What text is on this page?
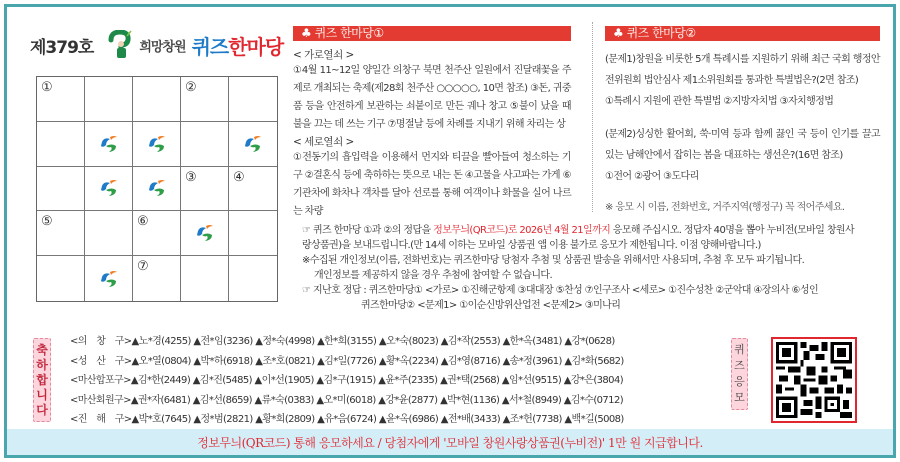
제379호	희망창원 퀴즈 한마당
①	②
③	④
⑤	⑥
⑦
♣ 퀴즈 한마당①
< 가로열쇠 >
①4월 11~12일 양일간 의창구 북면 천주산 일원에서 진달래꽃을 주제로 개최되는 축제(제28회 천주산 ○○○○○, 10면 참조) ③돈, 귀중품 등을 안전하게 보관하는 쇠붙이로 만든 궤나 창고 ⑤불이 났을 때 불을 끄는 데 쓰는 기구 ⑦명절날 등에 차례를 지내기 위해 차리는 상
< 세로열쇠 >
①전동기의 흡입력을 이용해서 먼지와 티끌을 빨아들여 청소하는 기구 ②결혼식 등에 축하하는 뜻으로 내는 돈 ④고물을 사고파는 가게 ⑥기관차에 화차나 객차를 달아 선로를 통해 여객이나 화물을 실어 나르는 차량
♣ 퀴즈 한마당②
(문제1)창원을 비롯한 5개 특례시를 지원하기 위해 최근 국회 행정안전위원회 법안심사 제1소위원회를 통과한 특별법은?(2면 참조)
①특례시 지원에 관한 특별법 ②지방자치법 ③자치행정법
(문제2)싱싱한 활어회, 쑥·미역 등과 함께 끓인 국 등이 인기를 끌고 있는 남해안에서 잡히는 봄을 대표하는 생선은?(16면 참조)
①전어 ②광어 ③도다리
※ 응모 시 이름, 전화번호, 거주지역(행정구) 꼭 적어주세요.
☞ 퀴즈 한마당 ①과 ②의 정답을 정보무늬(QR코드)로 2026년 4월 21일까지 응모해 주십시오. 정답자 40명을 뽑아 누비전(모바일 창원사
랑상품권)을 보내드립니다.(만 14세 이하는 모바일 상품권 앱 이용 불가로 응모가 제한됩니다. 이점 양해바랍니다.)
※수집된 개인정보(이름, 전화번호)는 퀴즈한마당 당첨자 추첨 및 상품권 발송을 위해서만 사용되며, 추첨 후 모두 파기됩니다.
개인정보를 제공하지 않을 경우 추첨에 참여할 수 없습니다.
☞ 지난호 정답 : 퀴즈한마당① <가로> ①진해군항제 ③대대장 ⑤찬성 ⑦인구조사 <세로> ①진수성찬 ②군악대 ④장의사 ⑥성인
퀴즈한마당② <문제1> ①이순신방위산업전 <문제2> ③미나리
축
하
합
니
다
<의　창　구>▲노*경(4255) ▲전*임(3236) ▲정*숙(4998) ▲한*희(3155) ▲오*숙(8023) ▲김*작(2553) ▲한*옥(3481) ▲강*(0628)
<성　산　구>▲오*열(0804) ▲박*하(6918) ▲조*호(0821) ▲김*일(7726) ▲황*옥(2234) ▲김*영(8716) ▲송*정(3961) ▲김*화(5682)
<마산합포구>▲김*한(2449) ▲김*진(5485) ▲이*선(1905) ▲김*구(1915) ▲윤*주(2335) ▲권*택(2568) ▲임*선(9515) ▲강*은(3804)
<마산회원구>▲권*자(6481) ▲김*선(8659) ▲류*숙(0383) ▲오*미(6018) ▲강*윤(2877) ▲박*현(1136) ▲서*철(8949) ▲김*수(0712)
<진　해　구>▲박*호(7645) ▲정*범(2821) ▲황*희(2809) ▲유*음(6724) ▲윤*옥(6986) ▲전*배(3433) ▲조*헌(7738) ▲백*길(5008)
퀴
즈
응
모
정보무늬(QR코드) 통해 응모하세요 / 당첨자에게 '모바일 창원사랑상품권(누비전)' 1만 원 지급합니다.
